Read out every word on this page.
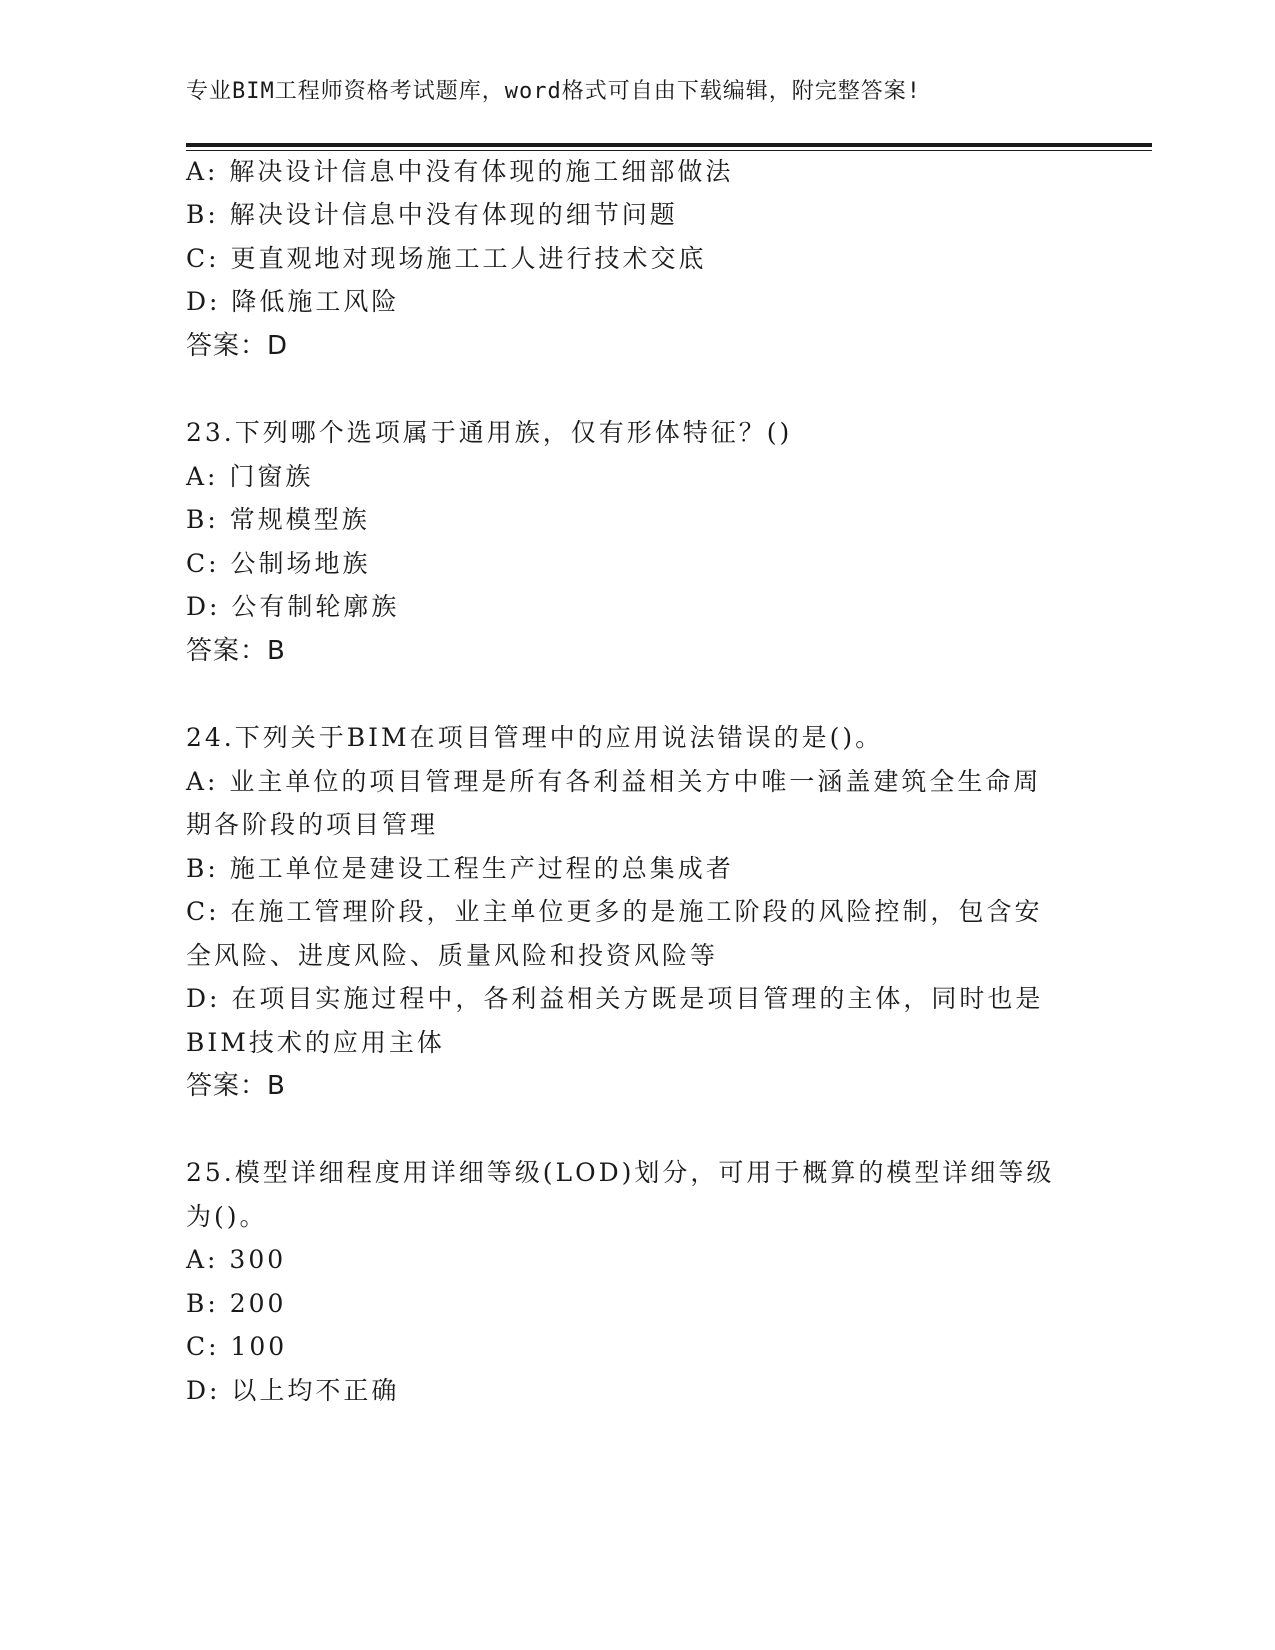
专业BIM工程师资格考试题库，word格式可自由下载编辑，附完整答案!
A: 解决设计信息中没有体现的施工细部做法
B: 解决设计信息中没有体现的细节问题
C: 更直观地对现场施工工人进行技术交底
D: 降低施工风险
答案：D
23.下列哪个选项属于通用族，仅有形体特征？()
A: 门窗族
B: 常规模型族
C: 公制场地族
D: 公有制轮廓族
答案：B
24.下列关于BIM在项目管理中的应用说法错误的是()。
A: 业主单位的项目管理是所有各利益相关方中唯一涵盖建筑全生命周
期各阶段的项目管理
B: 施工单位是建设工程生产过程的总集成者
C: 在施工管理阶段，业主单位更多的是施工阶段的风险控制，包含安
全风险、进度风险、质量风险和投资风险等
D: 在项目实施过程中，各利益相关方既是项目管理的主体，同时也是
BIM技术的应用主体
答案：B
25.模型详细程度用详细等级(LOD)划分，可用于概算的模型详细等级
为()。
A: 300
B: 200
C: 100
D: 以上均不正确
